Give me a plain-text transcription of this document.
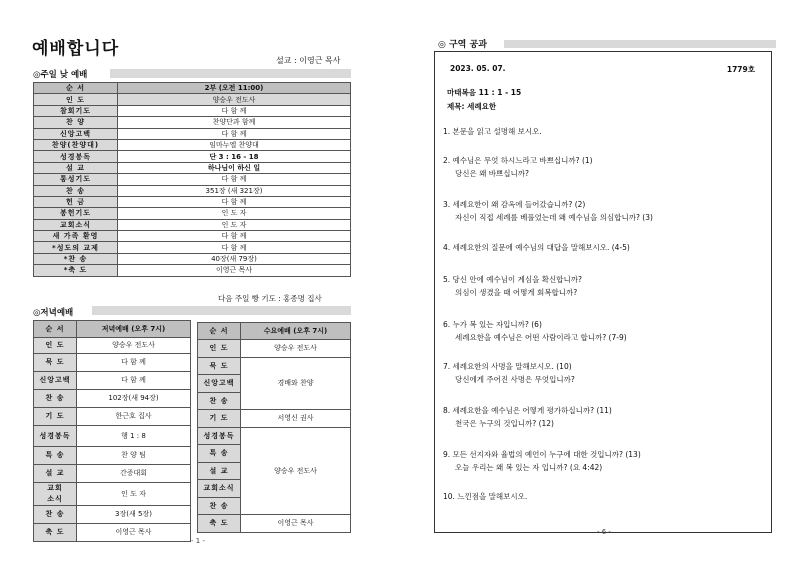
예배합니다
설교 : 이영근 목사
◎주일 낮 예배
순 서	2부 (오전 11:00)
인 도	양승우 전도사
참회기도	다 함 께
찬 양	찬양단과 함께
신앙고백	다 함 께
찬양(찬양대)	임마누엘 찬양대
성경봉독	단 3 : 16 - 18
설 교	하나님이 하신 일
통성기도	다 함 께
찬 송	351장 (새 321장)
헌 금	다 함 께
봉헌기도	인 도 자
교회소식	인 도 자
새 가족 환영	다 함 께
*성도의 교제	다 함 께
*찬 송	40장(새 79장)
*축 도	이영근 목사
다음 주일 빵 기도 : 홍종명 집사
◎저녁예배
순 서	저녁예배 (오후 7시)
인 도	양승우 전도사
묵 도	다 함 께
신앙고백	다 함 께
찬 송	102장(새 94장)
기 도	한근호 집사
성경봉독	행 1 : 8
특 송	찬 양 팀
설 교	간증대회
교회
소식	인 도 자
찬 송	3장(새 5장)
축 도	이영근 목사
순 서	수요예배 (오후 7시)
인 도	양승우 전도사
묵 도	경배와 찬양
신앙고백	
찬 송	
기 도	서영신 권사
성경봉독	양승우 전도사
특 송	
설 교	
교회소식	
찬 송	
축 도	이영근 목사
- 1 -
◎ 구역 공과
2023. 05. 07.	1779호
마태복음 11 : 1 - 15
제목: 세례요한
1. 본문을 읽고 설명해 보시오.
2. 예수님은 무엇 하시느라고 바쁘십니까? (1)
당신은 왜 바쁘십니까?
3. 세례요한이 왜 감옥에 들어갔습니까? (2)
자신이 직접 세례를 베풀었는데 왜 예수님을 의심합니까? (3)
4. 세례요한의 질문에 예수님의 대답을 말해보시오. (4-5)
5. 당신 안에 예수님이 계심을 확신합니까?
의심이 생겼을 때 어떻게 회복합니까?
6. 누가 복 있는 자입니까? (6)
세례요한을 예수님은 어떤 사람이라고 합니까? (7-9)
7. 세례요한의 사명을 말해보시오. (10)
당신에게 주어진 사명은 무엇입니까?
8. 세례요한을 예수님은 어떻게 평가하십니까? (11)
천국은 누구의 것입니까? (12)
9. 모든 선지자와 율법의 예언이 누구에 대한 것입니까? (13)
오늘 우리는 왜 복 있는 자 입니까? (요 4:42)
10. 느낀점을 말해보시오.
- 6 -
